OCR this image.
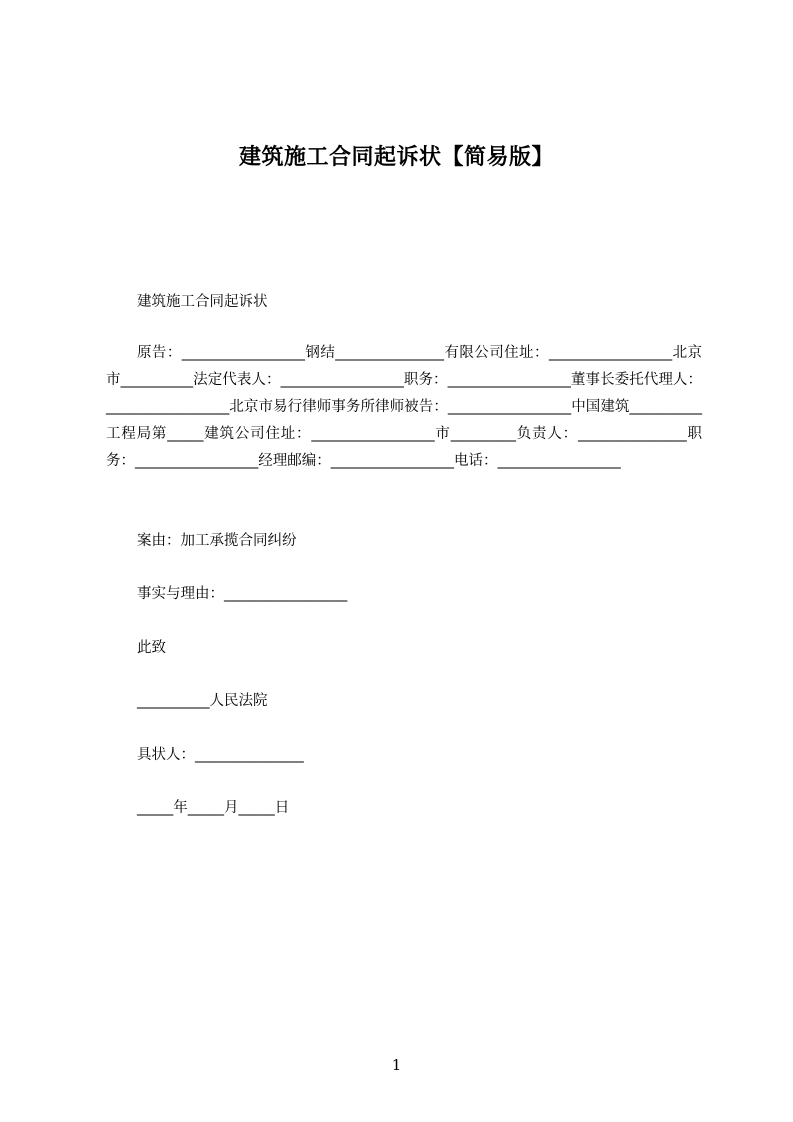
建筑施工合同起诉状【简易版】
建筑施工合同起诉状
原告：_________________钢结_______________有限公司住址：_________________北京市__________法定代表人：_________________职务：_________________董事长委托代理人：_________________北京市易行律师事务所律师被告：_________________中国建筑__________工程局第_____建筑公司住址：_________________市_________负责人：_______________职务：_________________经理邮编：_________________电话：_________________
案由：加工承揽合同纠纷
事实与理由：_________________
此致
__________人民法院
具状人：_______________
_____年_____月_____日
1
